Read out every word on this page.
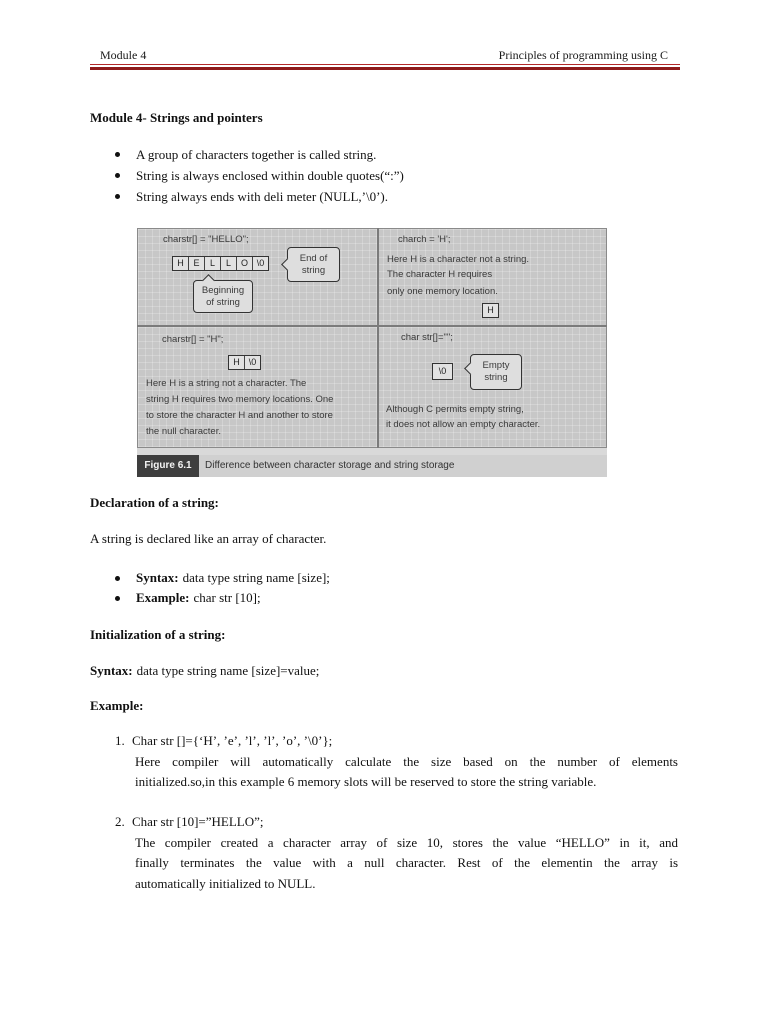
Module 4	Principles of programming using C
Module 4- Strings and pointers
A group of characters together is called string.
String is always enclosed within double quotes(“:”)
String always ends with deli meter (NULL,’\0’).
charstr[] = "HELLO";
H	E	L	L	O \0	End of string
Beginning of string
charch = 'H';
Here H is a character not a string.
The character H requires
only one memory location.
H
charstr[] = "H";
H \0
Here H is a string not a character. The
string H requires two memory locations. One
to store the character H and another to store
the null character.
char str[]="";
\0	Empty string
Although C permits empty string,
it does not allow an empty character.
Figure 6.1	Difference between character storage and string storage
Declaration of a string:

A string is declared like an array of character.

Syntax: data type string name [size];
Example: char str [10];
Initialization of a string:

Syntax: data type string name [size]=value;

Example:
1. Char str []={‘H’, ’e’, ’l’, ’l’, ’o’, ’\0’};
Here compiler will automatically calculate the size based on the number of elements
initialized.so,in this example 6 memory slots will be reserved to store the string variable.
2. Char str [10]=”HELLO”;
The compiler created a character array of size 10, stores the value “HELLO” in it, and
finally terminates the value with a null character. Rest of the elementin the array is
automatically initialized to NULL.
